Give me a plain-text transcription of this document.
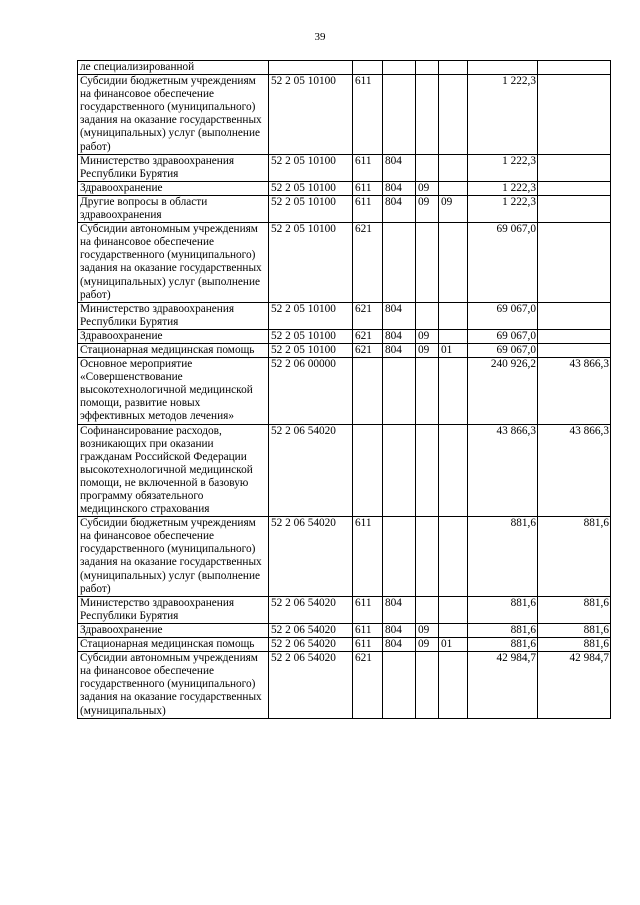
39
ле специализированной							
Субсидии бюджетным учреждениям на финансовое обеспечение государственного (муниципального) задания на оказание государственных (муниципальных) услуг (выполнение работ)	52 2 05 10100	611				1 222,3	
Министерство здравоохранения Республики Бурятия	52 2 05 10100	611	804			1 222,3	
Здравоохранение	52 2 05 10100	611	804	09		1 222,3	
Другие вопросы в области здравоохранения	52 2 05 10100	611	804	09	09	1 222,3	
Субсидии автономным учреждениям на финансовое обеспечение государственного (муниципального) задания на оказание государственных (муниципальных) услуг (выполнение работ)	52 2 05 10100	621				69 067,0	
Министерство здравоохранения Республики Бурятия	52 2 05 10100	621	804			69 067,0	
Здравоохранение	52 2 05 10100	621	804	09		69 067,0	
Стационарная медицинская помощь	52 2 05 10100	621	804	09	01	69 067,0	
Основное мероприятие «Совершенствование высокотехнологичной медицинской помощи, развитие новых эффективных методов лечения»	52 2 06 00000					240 926,2	43 866,3
Софинансирование расходов, возникающих при оказании гражданам Российской Федерации высокотехнологичной медицинской помощи, не включенной в базовую программу обязательного медицинского страхования	52 2 06 54020					43 866,3	43 866,3
Субсидии бюджетным учреждениям на финансовое обеспечение государственного (муниципального) задания на оказание государственных (муниципальных) услуг (выполнение работ)	52 2 06 54020	611				881,6	881,6
Министерство здравоохранения Республики Бурятия	52 2 06 54020	611	804			881,6	881,6
Здравоохранение	52 2 06 54020	611	804	09		881,6	881,6
Стационарная медицинская помощь	52 2 06 54020	611	804	09	01	881,6	881,6
Субсидии автономным учреждениям на финансовое обеспечение государственного (муниципального) задания на оказание государственных (муниципальных)	52 2 06 54020	621				42 984,7	42 984,7
